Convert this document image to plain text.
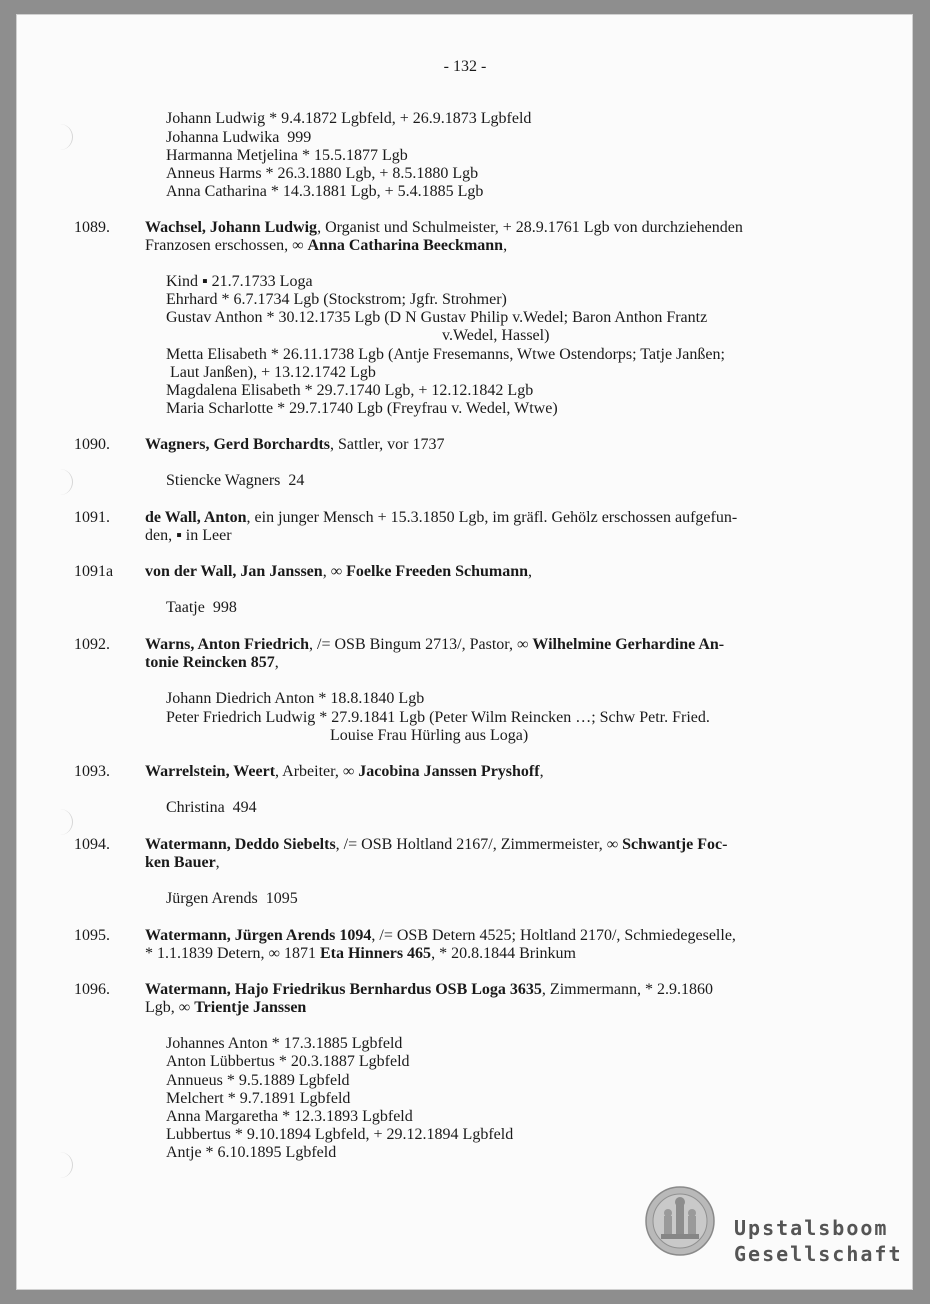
- 132 -
Johann Ludwig * 9.4.1872 Lgbfeld, + 26.9.1873 Lgbfeld
Johanna Ludwika  999
Harmanna Metjelina * 15.5.1877 Lgb
Anneus Harms * 26.3.1880 Lgb, + 8.5.1880 Lgb
Anna Catharina * 14.3.1881 Lgb, + 5.4.1885 Lgb
1089. Wachsel, Johann Ludwig, Organist und Schulmeister, + 28.9.1761 Lgb von durchziehenden
Franzosen erschossen, ∞ Anna Catharina Beeckmann,
Kind ▪ 21.7.1733 Loga
Ehrhard * 6.7.1734 Lgb (Stockstrom; Jgfr. Strohmer)
Gustav Anthon * 30.12.1735 Lgb (D N Gustav Philip v.Wedel; Baron Anthon Frantz
v.Wedel, Hassel)
Metta Elisabeth * 26.11.1738 Lgb (Antje Fresemanns, Wtwe Ostendorps; Tatje Janßen;
Laut Janßen), + 13.12.1742 Lgb
Magdalena Elisabeth * 29.7.1740 Lgb, + 12.12.1842 Lgb
Maria Scharlotte * 29.7.1740 Lgb (Freyfrau v. Wedel, Wtwe)
1090. Wagners, Gerd Borchardts, Sattler, vor 1737
Stiencke Wagners  24
1091. de Wall, Anton, ein junger Mensch + 15.3.1850 Lgb, im gräfl. Gehölz erschossen aufgefun-
den, ▪ in Leer
1091a von der Wall, Jan Janssen, ∞ Foelke Freeden Schumann,
Taatje  998
1092. Warns, Anton Friedrich, /= OSB Bingum 2713/, Pastor, ∞ Wilhelmine Gerhardine An-
tonie Reincken 857,
Johann Diedrich Anton * 18.8.1840 Lgb
Peter Friedrich Ludwig * 27.9.1841 Lgb (Peter Wilm Reincken …; Schw Petr. Fried.
Louise Frau Hürling aus Loga)
1093. Warrelstein, Weert, Arbeiter, ∞ Jacobina Janssen Pryshoff,
Christina  494
1094. Watermann, Deddo Siebelts, /= OSB Holtland 2167/, Zimmermeister, ∞ Schwantje Foc-
ken Bauer,
Jürgen Arends  1095
1095. Watermann, Jürgen Arends 1094, /= OSB Detern 4525; Holtland 2170/, Schmiedegeselle,
* 1.1.1839 Detern, ∞ 1871 Eta Hinners 465, * 20.8.1844 Brinkum
1096. Watermann, Hajo Friedrikus Bernhardus OSB Loga 3635, Zimmermann, * 2.9.1860
Lgb, ∞ Trientje Janssen
Johannes Anton * 17.3.1885 Lgbfeld
Anton Lübbertus * 20.3.1887 Lgbfeld
Annueus * 9.5.1889 Lgbfeld
Melchert * 9.7.1891 Lgbfeld
Anna Margaretha * 12.3.1893 Lgbfeld
Lubbertus * 9.10.1894 Lgbfeld, + 29.12.1894 Lgbfeld
Antje * 6.10.1895 Lgbfeld
Upstalsboom
Gesellschaft
